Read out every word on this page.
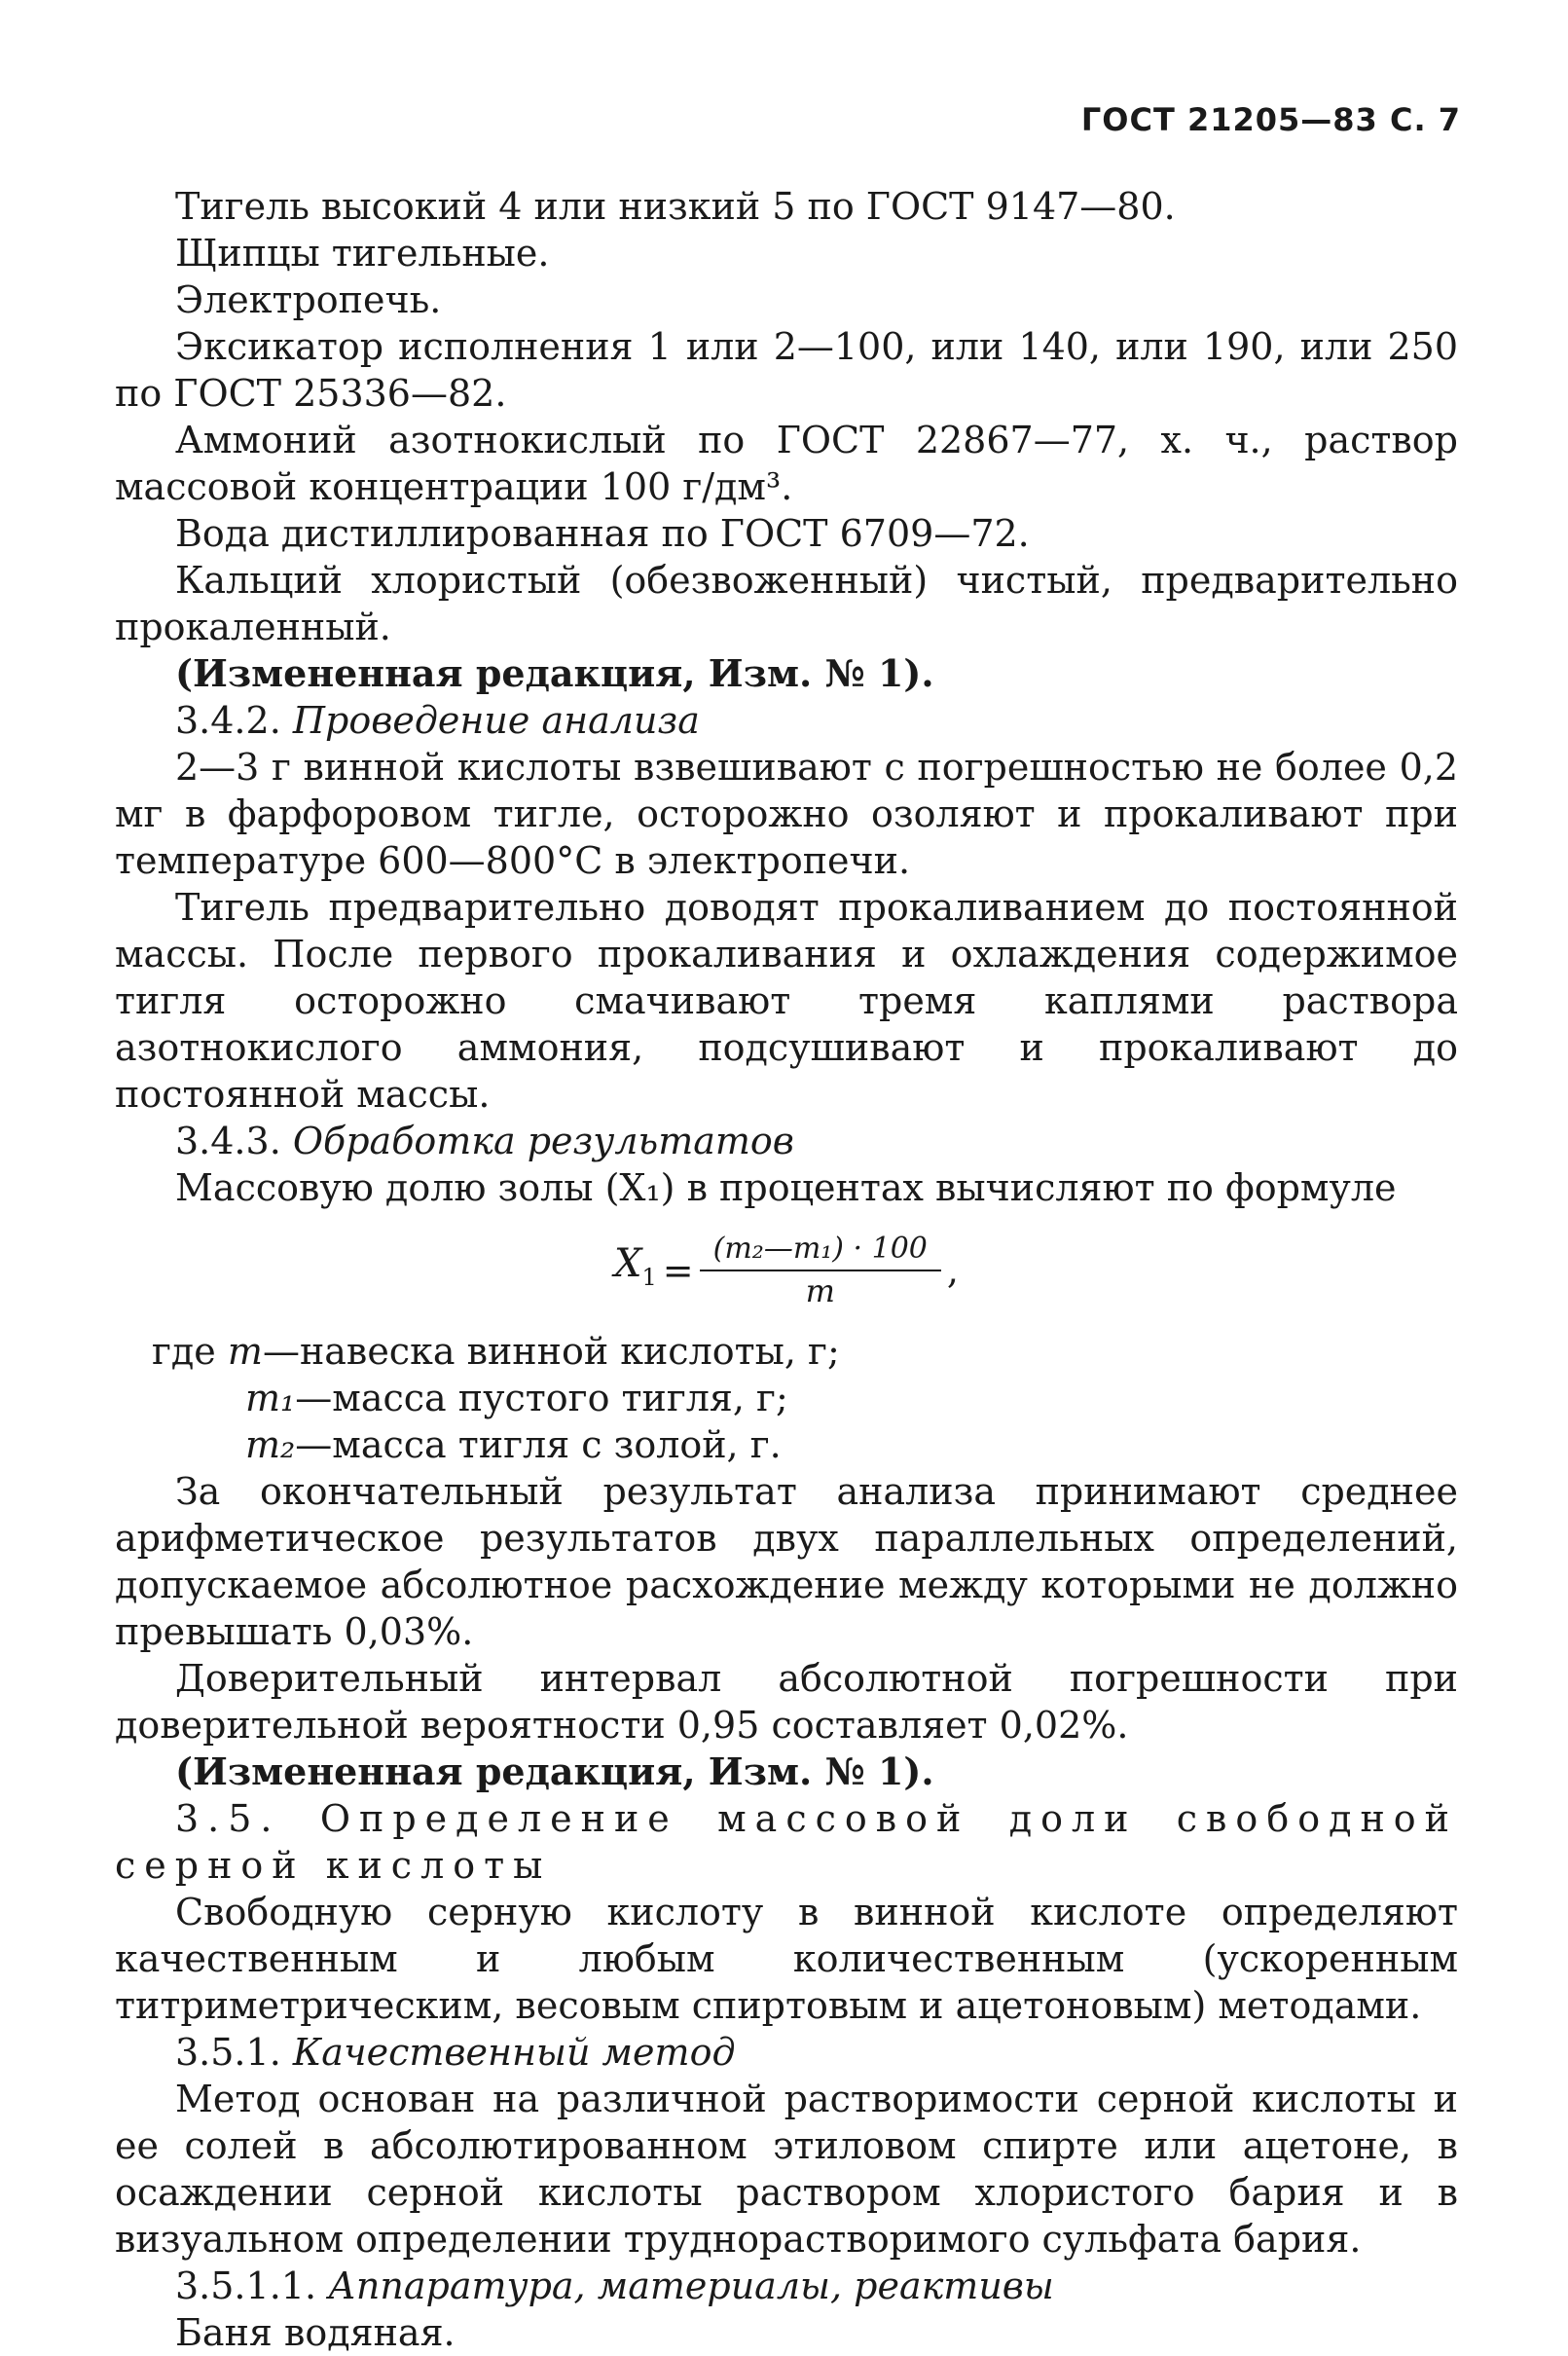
ГОСТ 21205—83 С. 7

Тигель высокий 4 или низкий 5 по ГОСТ 9147—80.

Щипцы тигельные.

Электропечь.

Эксикатор исполнения 1 или 2—100, или 140, или 190, или 250 по ГОСТ 25336—82.

Аммоний азотнокислый по ГОСТ 22867—77, х. ч., раствор массовой концентрации 100 г/дм³.

Вода дистиллированная по ГОСТ 6709—72.

Кальций хлористый (обезвоженный) чистый, предварительно прокаленный.

(Измененная редакция, Изм. № 1).

3.4.2. Проведение анализа

2—3 г винной кислоты взвешивают с погрешностью не более 0,2 мг в фарфоровом тигле, осторожно озоляют и прокаливают при температуре 600—800°С в электропечи.

Тигель предварительно доводят прокаливанием до постоянной массы. После первого прокаливания и охлаждения содержимое тигля осторожно смачивают тремя каплями раствора азотнокислого аммония, подсушивают и прокаливают до постоянной массы.

3.4.3. Обработка результатов

Массовую долю золы (X₁) в процентах вычисляют по формуле

$X_1 = \frac{\text{(m₂—m₁) · 100}}{m}$ ,
где
m —навеска винной кислоты, г;
m₁ —масса пустого тигля, г;
m₂ —масса тигля с золой, г.

За окончательный результат анализа принимают среднее арифметическое результатов двух параллельных определений, допускаемое абсолютное расхождение между которыми не должно превышать 0,03%.

Доверительный интервал абсолютной погрешности при доверительной вероятности 0,95 составляет 0,02%.

(Измененная редакция, Изм. № 1).

3.5. Определение массовой доли свободной серной кислоты

Свободную серную кислоту в винной кислоте определяют качественным и любым количественным (ускоренным титриметрическим, весовым спиртовым и ацетоновым) методами.

3.5.1. Качественный метод

Метод основан на различной растворимости серной кислоты и ее солей в абсолютированном этиловом спирте или ацетоне, в осаждении серной кислоты раствором хлористого бария и в визуальном определении труднорастворимого сульфата бария.

3.5.1.1. Аппаратура, материалы, реактивы

Баня водяная.
